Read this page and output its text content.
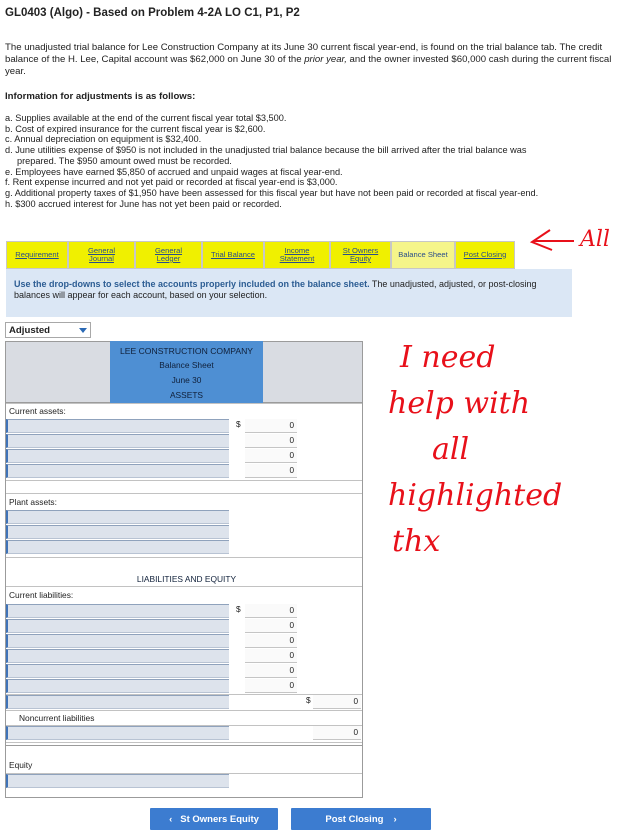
GL0403 (Algo) - Based on Problem 4-2A LO C1, P1, P2
The unadjusted trial balance for Lee Construction Company at its June 30 current fiscal year-end, is found on the trial balance tab. The credit balance of the H. Lee, Capital account was $62,000 on June 30 of the prior year, and the owner invested $60,000 cash during the current fiscal year.
Information for adjustments is as follows:
a. Supplies available at the end of the current fiscal year total $3,500.
b. Cost of expired insurance for the current fiscal year is $2,600.
c. Annual depreciation on equipment is $32,400.
d. June utilities expense of $950 is not included in the unadjusted trial balance because the bill arrived after the trial balance was
prepared. The $950 amount owed must be recorded.
e. Employees have earned $5,850 of accrued and unpaid wages at fiscal year-end.
f. Rent expense incurred and not yet paid or recorded at fiscal year-end is $3,000.
g. Additional property taxes of $1,950 have been assessed for this fiscal year but have not been paid or recorded at fiscal year-end.
h. $300 accrued interest for June has not yet been paid or recorded.
Requirement	General
Journal
General
Ledger	Trial Balance	Income
Statement
St Owners
Equity	Balance Sheet Post Closing
All
Use the drop-downs to select the accounts properly included on the balance sheet. The unadjusted, adjusted, or post-closing balances will appear for each account, based on your selection.
Adjusted
LEE CONSTRUCTION COMPANY
Balance Sheet
June 30
ASSETS
Current assets:
$	0
0
0
0
Plant assets:
LIABILITIES AND EQUITY
Current liabilities:
$	0
0
0
0
0
0
$	0
Noncurrent liabilities
0
Equity
I need
help with
all
highlighted
thx
‹ St Owners Equity	Post Closing ›
